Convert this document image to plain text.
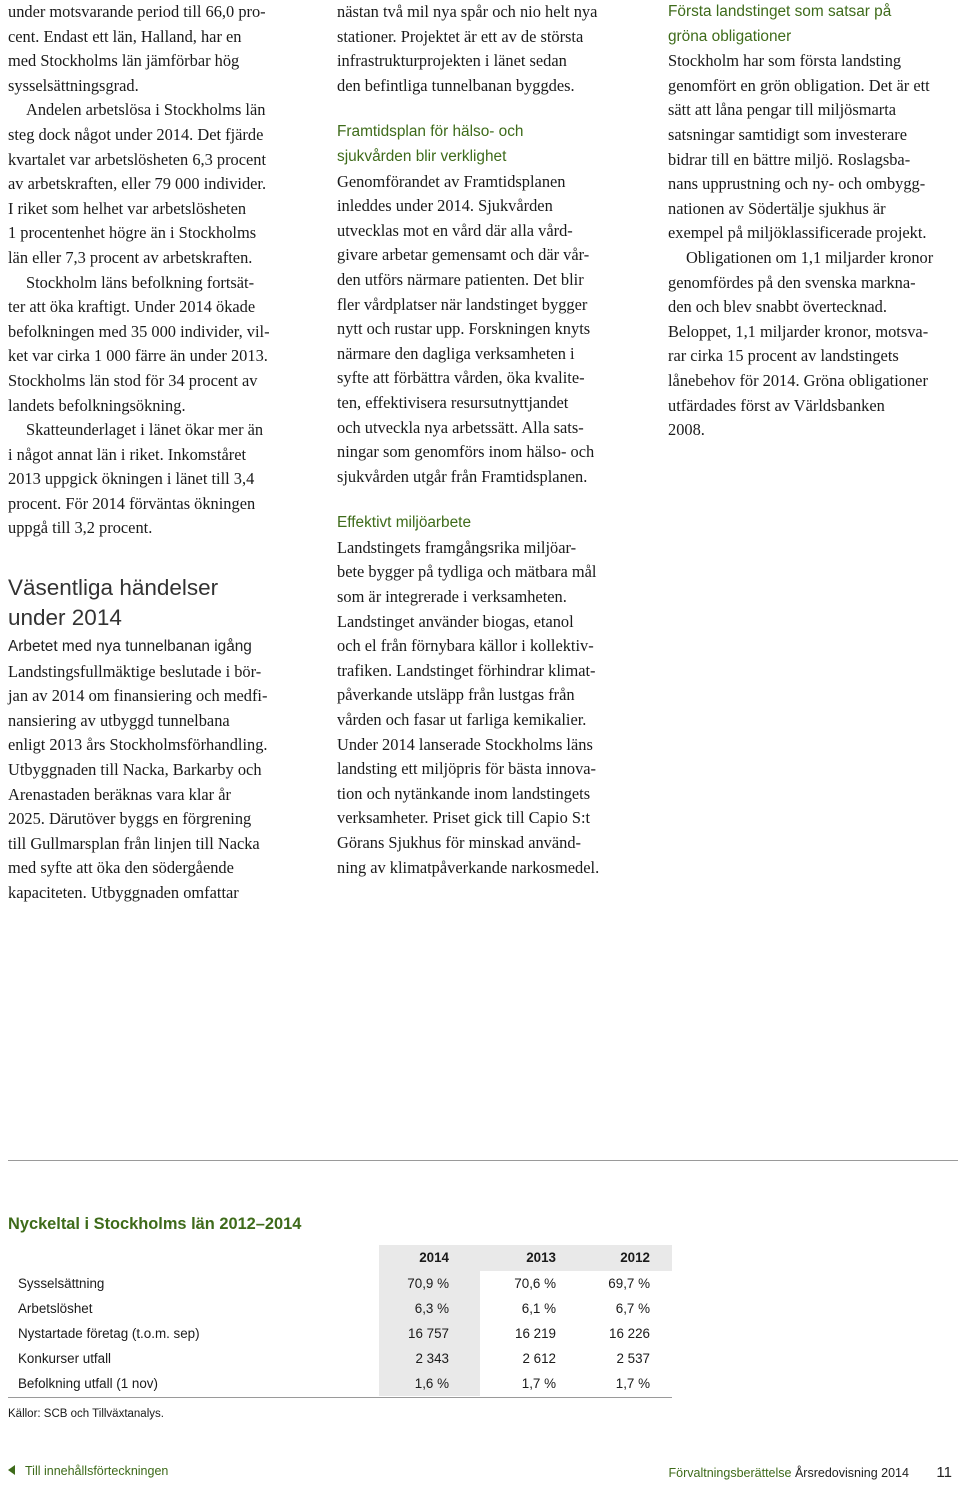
under motsvarande period till 66,0 pro-
cent. Endast ett län, Halland, har en
med Stockholms län jämförbar hög
sysselsättningsgrad.
Andelen arbetslösa i Stockholms län
steg dock något under 2014. Det fjärde
kvartalet var arbetslösheten 6,3 procent
av arbetskraften, eller 79 000 individer.
I riket som helhet var arbetslösheten
1 procentenhet högre än i Stockholms
län eller 7,3 procent av arbetskraften.
Stockholm läns befolkning fortsät-
ter att öka kraftigt. Under 2014 ökade
befolkningen med 35 000 individer, vil-
ket var cirka 1 000 färre än under 2013.
Stockholms län stod för 34 procent av
landets befolkningsökning.
Skatteunderlaget i länet ökar mer än
i något annat län i riket. Inkomståret
2013 uppgick ökningen i länet till 3,4
procent. För 2014 förväntas ökningen
uppgå till 3,2 procent.
Väsentliga händelser
under 2014
Arbetet med nya tunnelbanan igång
Landstingsfullmäktige beslutade i bör-
jan av 2014 om finansiering och medfi-
nansiering av utbyggd tunnelbana
enligt 2013 års Stockholmsförhandling.
Utbyggnaden till Nacka, Barkarby och
Arenastaden beräknas vara klar år
2025. Därutöver byggs en förgrening
till Gullmarsplan från linjen till Nacka
med syfte att öka den södergående
kapaciteten. Utbyggnaden omfattar
nästan två mil nya spår och nio helt nya
stationer. Projektet är ett av de största
infrastrukturprojekten i länet sedan
den befintliga tunnelbanan byggdes.
Framtidsplan för hälso- och
sjukvården blir verklighet
Genomförandet av Framtidsplanen
inleddes under 2014. Sjukvården
utvecklas mot en vård där alla vård-
givare arbetar gemensamt och där vår-
den utförs närmare patienten. Det blir
fler vårdplatser när landstinget bygger
nytt och rustar upp. Forskningen knyts
närmare den dagliga verksamheten i
syfte att förbättra vården, öka kvalite-
ten, effektivisera resursutnyttjandet
och utveckla nya arbetssätt. Alla sats-
ningar som genomförs inom hälso- och
sjukvården utgår från Framtidsplanen.
Effektivt miljöarbete
Landstingets framgångsrika miljöar-
bete bygger på tydliga och mätbara mål
som är integrerade i verksamheten.
Landstinget använder biogas, etanol
och el från förnybara källor i kollektiv-
trafiken. Landstinget förhindrar klimat-
påverkande utsläpp från lustgas från
vården och fasar ut farliga kemikalier.
Under 2014 lanserade Stockholms läns
landsting ett miljöpris för bästa innova-
tion och nytänkande inom landstingets
verksamheter. Priset gick till Capio S:t
Görans Sjukhus för minskad använd-
ning av klimatpåverkande narkosmedel.
Första landstinget som satsar på
gröna obligationer
Stockholm har som första landsting
genomfört en grön obligation. Det är ett
sätt att låna pengar till miljösmarta
satsningar samtidigt som investerare
bidrar till en bättre miljö. Roslagsba-
nans upprustning och ny- och ombygg-
nationen av Södertälje sjukhus är
exempel på miljöklassificerade projekt.
Obligationen om 1,1 miljarder kronor
genomfördes på den svenska markna-
den och blev snabbt övertecknad.
Beloppet, 1,1 miljarder kronor, motsva-
rar cirka 15 procent av landstingets
lånebehov för 2014. Gröna obligationer
utfärdades först av Världsbanken
2008.
Nyckeltal i Stockholms län 2012–2014
2014	2013	2012
Sysselsättning	70,9 %	70,6 %	69,7 %
Arbetslöshet	6,3 %	6,1 %	6,7 %
Nystartade företag (t.o.m. sep)	16 757	16 219	16 226
Konkurser utfall	2 343	2 612	2 537
Befolkning utfall (1 nov)	1,6 %	1,7 %	1,7 %
Källor: SCB och Tillväxtanalys.
Till innehållsförteckningen	Förvaltningsberättelse Årsredovisning 2014 11
